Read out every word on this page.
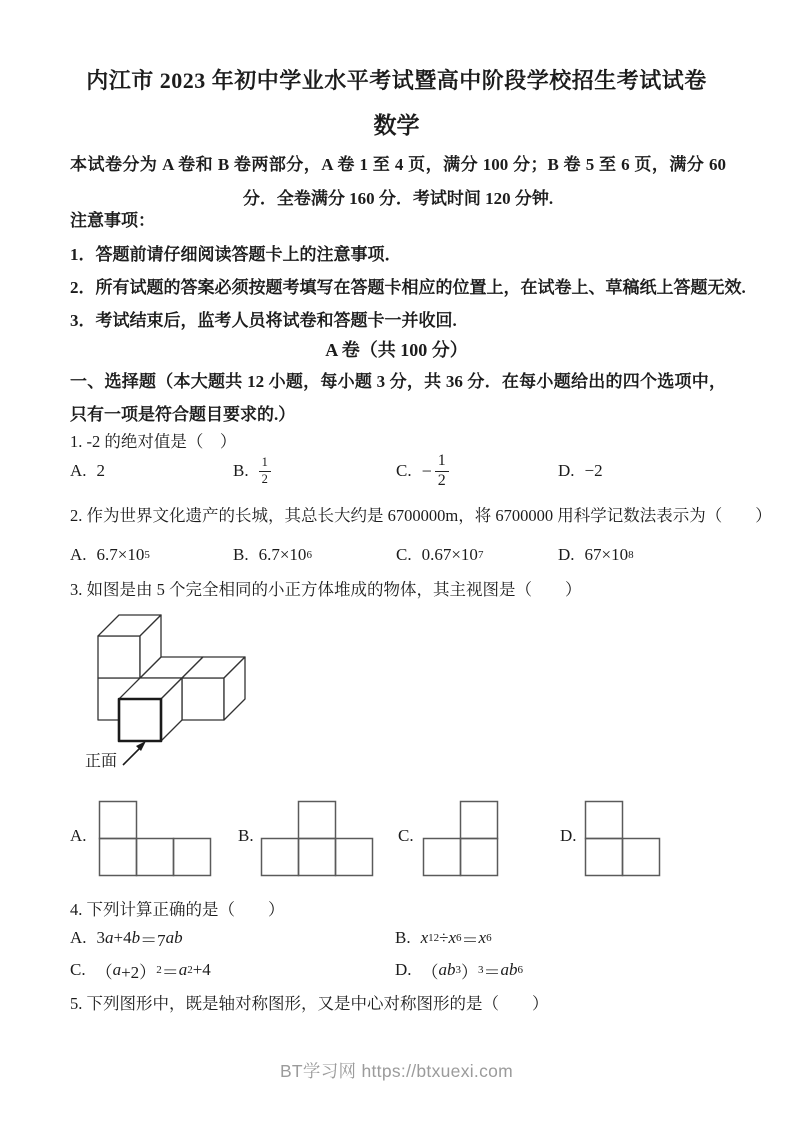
内江市 2023 年初中学业水平考试暨高中阶段学校招生考试试卷
数学
本试卷分为 A 卷和 B 卷两部分，A 卷 1 至 4 页，满分 100 分；B 卷 5 至 6 页，满分 60 分．全卷满分 160 分．考试时间 120 分钟.
注意事项：
1．答题前请仔细阅读答题卡上的注意事项．
2．所有试题的答案必须按题考填写在答题卡相应的位置上，在试卷上、草稿纸上答题无效.
3．考试结束后，监考人员将试卷和答题卡一并收回.
A 卷（共 100 分）
一、选择题（本大题共 12 小题，每小题 3 分，共 36 分．在每小题给出的四个选项中，只有一项是符合题目要求的.）
1. -2 的绝对值是（　）
A. 2	B. $\frac{1}{2}$	C. − $\frac{1}{2}$	D. −2
2. 作为世界文化遗产的长城，其总长大约是 6700000m，将 6700000 用科学记数法表示为（　　）
A. 6.7×10 5	B. 6.7×10 6	C. 0.67×10 7	D. 67×10 8
3. 如图是由 5 个完全相同的小正方体堆成的物体，其主视图是（　　）
正面
A.	B.	C.	D.
4. 下列计算正确的是（　　）
A. 3 a +4 b ＝7 ab	B. x 12 ÷ x 6 ＝ x 6
C. （ a +2） 2 ＝ a 2 +4	D. （ ab 3 ） 3 ＝ ab 6
5. 下列图形中，既是轴对称图形，又是中心对称图形的是（　　）
BT学习网 https://btxuexi.com
